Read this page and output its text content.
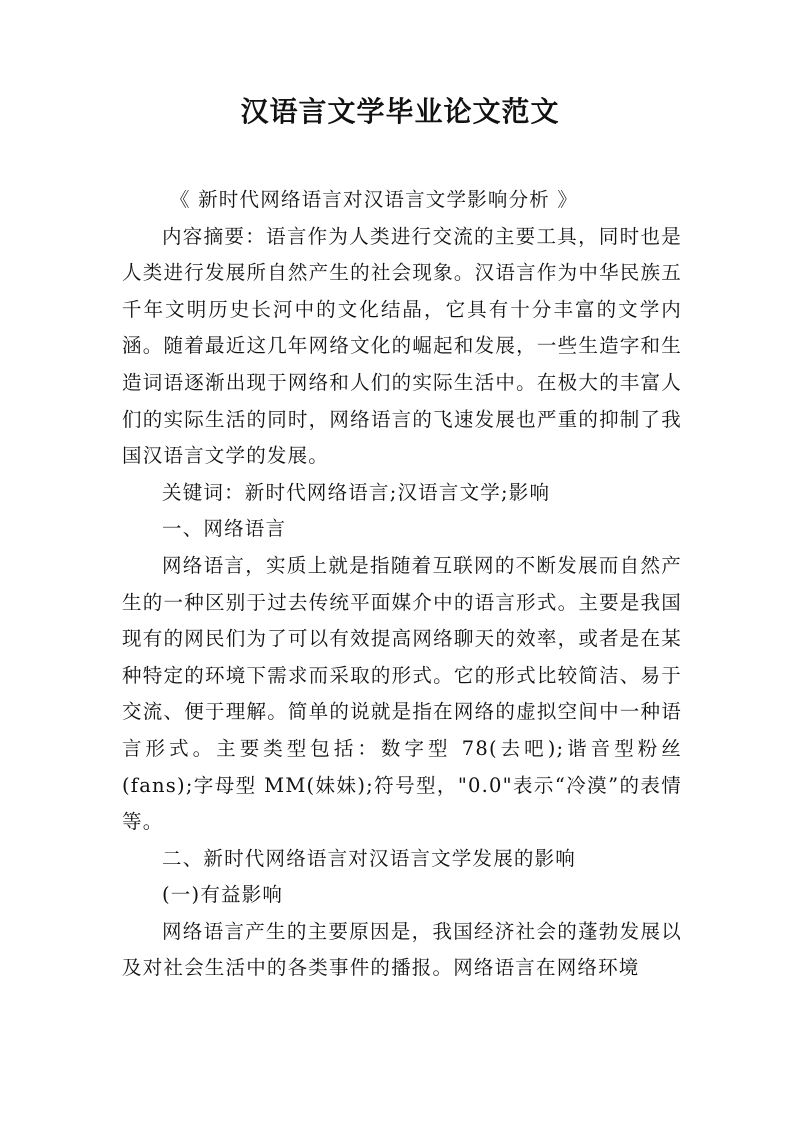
汉语言文学毕业论文范文

《 新时代网络语言对汉语言文学影响分析 》

内容摘要：语言作为人类进行交流的主要工具，同时也是人类进行发展所自然产生的社会现象。汉语言作为中华民族五千年文明历史长河中的文化结晶，它具有十分丰富的文学内涵。随着最近这几年网络文化的崛起和发展，一些生造字和生造词语逐渐出现于网络和人们的实际生活中。在极大的丰富人们的实际生活的同时，网络语言的飞速发展也严重的抑制了我国汉语言文学的发展。

关键词：新时代网络语言;汉语言文学;影响

一、网络语言

网络语言，实质上就是指随着互联网的不断发展而自然产生的一种区别于过去传统平面媒介中的语言形式。主要是我国现有的网民们为了可以有效提高网络聊天的效率，或者是在某种特定的环境下需求而采取的形式。它的形式比较简洁、易于交流、便于理解。简单的说就是指在网络的虚拟空间中一种语言形式。主要类型包括：数字型 78(去吧);谐音型粉丝(fans);字母型 MM(妹妹);符号型，"0.0"表示“冷漠”的表情等。

二、新时代网络语言对汉语言文学发展的影响

(一)有益影响

网络语言产生的主要原因是，我国经济社会的蓬勃发展以及对社会生活中的各类事件的播报。网络语言在网络环境
